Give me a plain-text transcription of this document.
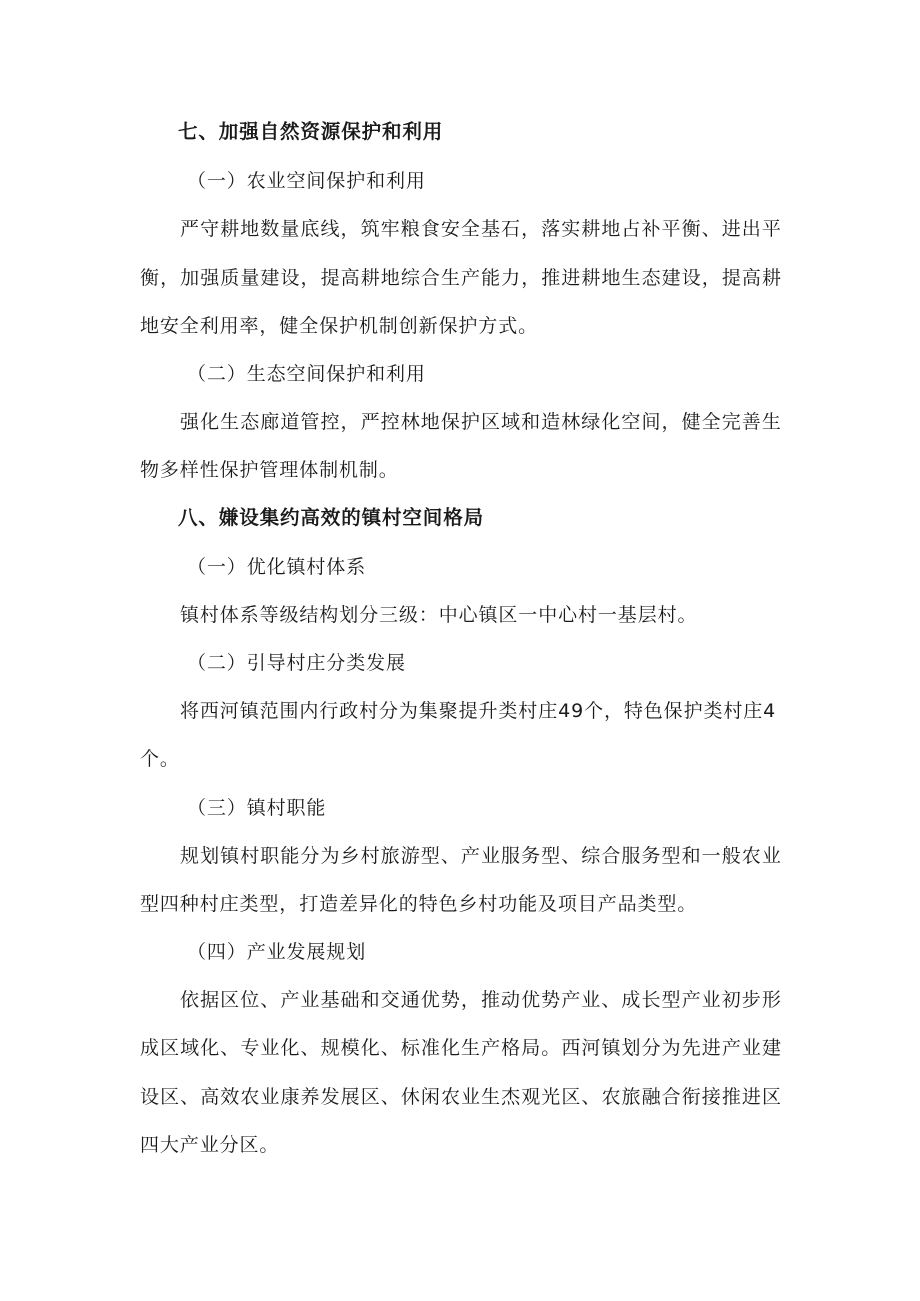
七、加强自然资源保护和利用
（一）农业空间保护和利用
严 守 耕 地 数 量 底 线 ， 筑 牢 粮 食 安 全 基 石 ， 落 实 耕 地 占 补 平 衡 、 进 出 平
衡 ， 加 强 质 量 建 设 ， 提 高 耕 地 综 合 生 产 能 力 ， 推 进 耕 地 生 态 建 设 ， 提 高 耕
地安全利用率，健全保护机制创新保护方式。
（二）生态空间保护和利用
强 化 生 态 廊 道 管 控 ， 严 控 林 地 保 护 区 域 和 造 林 绿 化 空 间 ， 健 全 完 善 生
物多样性保护管理体制机制。
八、嫌设集约高效的镇村空间格局
（一）优化镇村体系
镇村体系等级结构划分三级：中心镇区一中心村一基层村。
（二）引导村庄分类发展
将西河镇范围内行政村分为集聚提升类村庄49个，特色保护类村庄4
个。
（三）镇村职能
规 划 镇 村 职 能 分 为 乡 村 旅 游 型 、 产 业 服 务 型 、 综 合 服 务 型 和 一 般 农 业
型四种村庄类型，打造差异化的特色乡村功能及项目产品类型。
（四）产业发展规划
依 据 区 位 、 产 业 基 础 和 交 通 优 势 ， 推 动 优 势 产 业 、 成 长 型 产 业 初 步 形
成 区 域 化 、 专 业 化 、 规 模 化 、 标 准 化 生 产 格 局 。 西 河 镇 划 分 为 先 进 产 业 建
设 区 、 高 效 农 业 康 养 发 展 区 、 休 闲 农 业 生 杰 观 光 区 、 农 旅 融 合 衔 接 推 进 区
四大产业分区。
